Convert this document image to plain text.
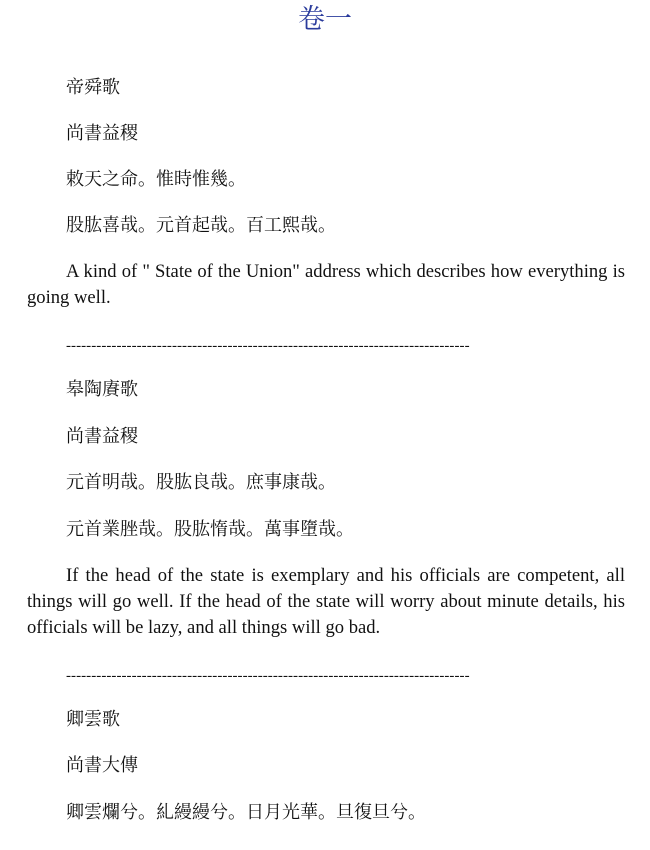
卷一
帝舜歌
尚書益稷
敕天之命。惟時惟幾。
股肱喜哉。元首起哉。百工熙哉。
A kind of " State of the Union" address which describes how everything is going well.
--------------------------------------------------------------------------------
皋陶賡歌
尚書益稷
元首明哉。股肱良哉。庶事康哉。
元首業脞哉。股肱惰哉。萬事墮哉。
If the head of the state is exemplary and his officials are competent, all things will go well. If the head of the state will worry about minute details, his officials will be lazy, and all things will go bad.
--------------------------------------------------------------------------------
卿雲歌
尚書大傳
卿雲爛兮。糺縵縵兮。日月光華。旦復旦兮。
